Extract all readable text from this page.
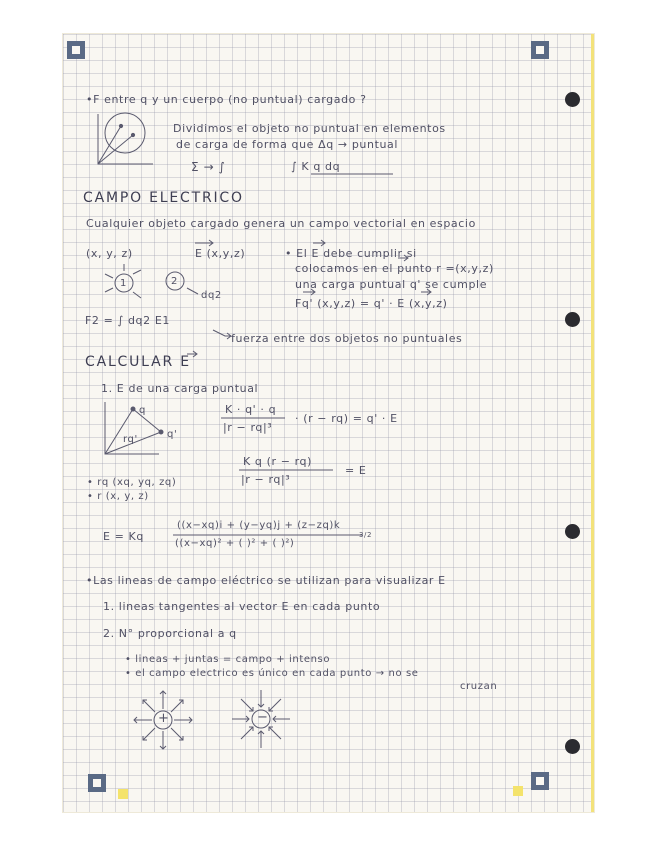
•F entre q y un cuerpo (no puntual) cargado ?
Dividimos el objeto no puntual en elementos
de carga de forma que Δq → puntual
Σ → ∫	∫ K q dq
CAMPO ELECTRICO
Cualquier objeto cargado genera un campo vectorial en espacio
(x, y, z)	E (x,y,z)	• El E debe cumplir si
colocamos en el punto r =(x,y,z)
una carga puntual q' se cumple
Fq' (x,y,z) = q' · E (x,y,z)
1	2
dq2
F2 = ∫ dq2 E1
fuerza entre dos objetos no puntuales
CALCULAR E
1. E de una carga puntual
q
q'
rq'
K · q' · q
|r − rq|³
· (r − rq) = q' · E
K q (r − rq)
|r − rq|³
= E
• rq (xq, yq, zq)
• r (x, y, z)
E = Kq
((x−xq)i + (y−yq)j + (z−zq)k
((x−xq)² + ( )² + ( )²)
3/2
•Las lineas de campo eléctrico se utilizan para visualizar E
1. lineas tangentes al vector E en cada punto
2. N° proporcional a q
• lineas + juntas = campo + intenso
• el campo electrico es único en cada punto → no se
cruzan
+	−
